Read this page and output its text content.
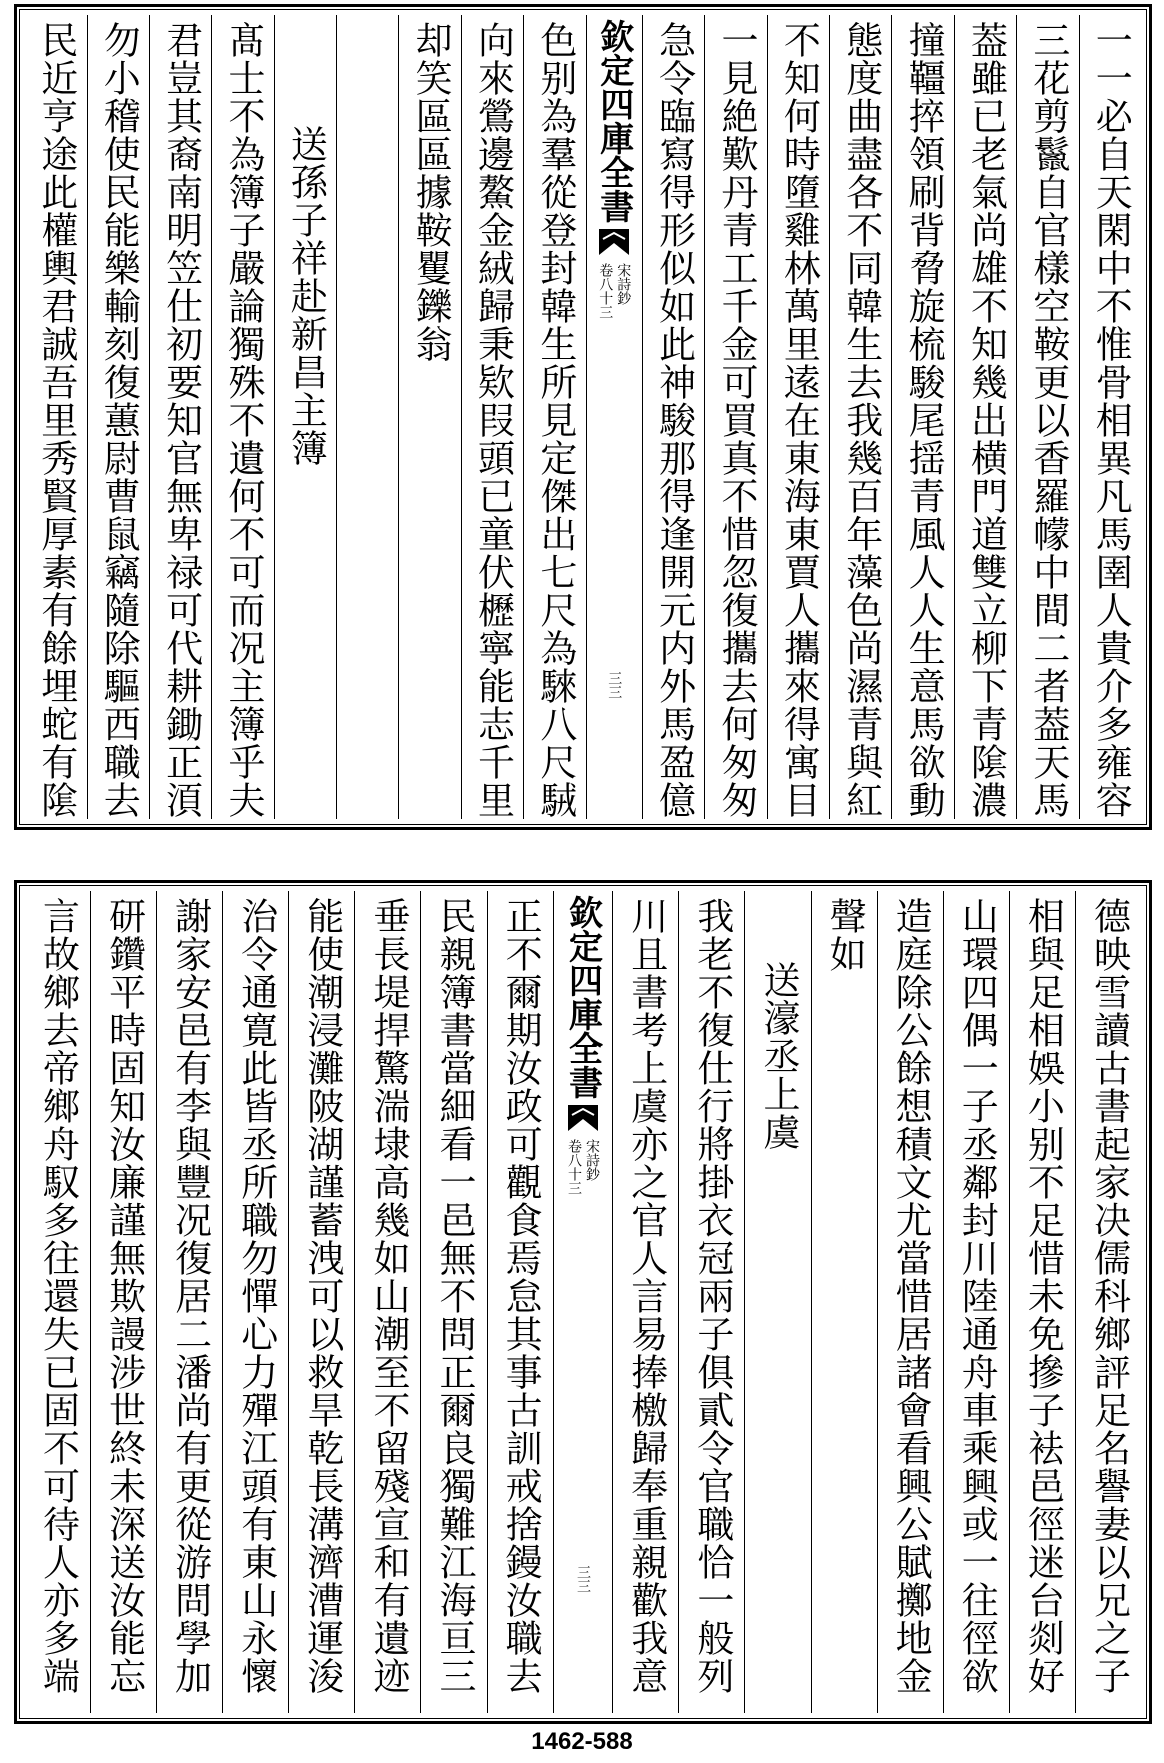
一一必自天閑中不惟骨相異凡馬圉人貴介多雍容
三花剪鬣自官樣空鞍更以香羅幪中間二者葢天馬
葢雖已老氣尚雄不知幾出横門道雙立柳下青隂濃
撞韁捽領刷背脅旋梳駿尾揺青風人人生意馬欲動
態度曲盡各不同韓生去我幾百年藻色尚濕青與紅
不知何時墮雞林萬里逺在東海東賈人攜來得寓目
一見絶歎丹青工千金可買真不惜忽復攜去何匆匆
急令臨寫得形似如此神駿那得逢開元内外馬盈億
欽定四庫全書
宋詩鈔
卷八十三
三三
色别為羣從登封韓生所見定傑出七尺為騋八尺駥
向來鶯邊鰲金絨歸秉欵叚頭已童伏櫪寧能志千里
却笑區區據鞍矍鑠翁
送孫子祥赴新昌主簿
髙士不為簿子嚴論獨殊不遺何不可而况主簿乎夫
君豈其裔南明笠仕初要知官無卑禄可代耕鋤正湏
勿小稽使民能樂輸刻復蕙尉曹鼠竊隨除驅西職去
民近亨途此權輿君誠吾里秀賢厚素有餘埋蛇有隂
德映雪讀古書起家决儒科鄉評足名譽妻以兄之子
相與足相娛小别不足惜未免摻子袪邑徑迷台剡好
山環四偶一子丞鄰封川陸通舟車乘興或一往徑欲
造庭除公餘想積文尤當惜居諸會看興公賦擲地金
聲如
送濠丞上虞
我老不復仕行將掛衣冠兩子俱貳令官職恰一般列
川且書考上虞亦之官人言易捧檄歸奉重親歡我意
欽定四庫全書
宋詩鈔
卷八十三
三三
正不爾期汝政可觀食焉怠其事古訓戒捨鏝汝職去
民親簿書當細看一邑無不問正爾良獨難江海亘三
垂長堤捍驚湍埭高幾如山潮至不留殘宣和有遺迹
能使潮浸灘陂湖謹蓄洩可以救旱乾長溝濟漕運浚
治令通寛此皆丞所職勿憚心力殫江頭有東山永懷
謝家安邑有李與豐况復居二潘尚有更從游問學加
研鑽平時固知汝廉謹無欺謾涉世終未深送汝能忘
言故鄉去帝鄉舟馭多往還失已固不可待人亦多端
1462-588
